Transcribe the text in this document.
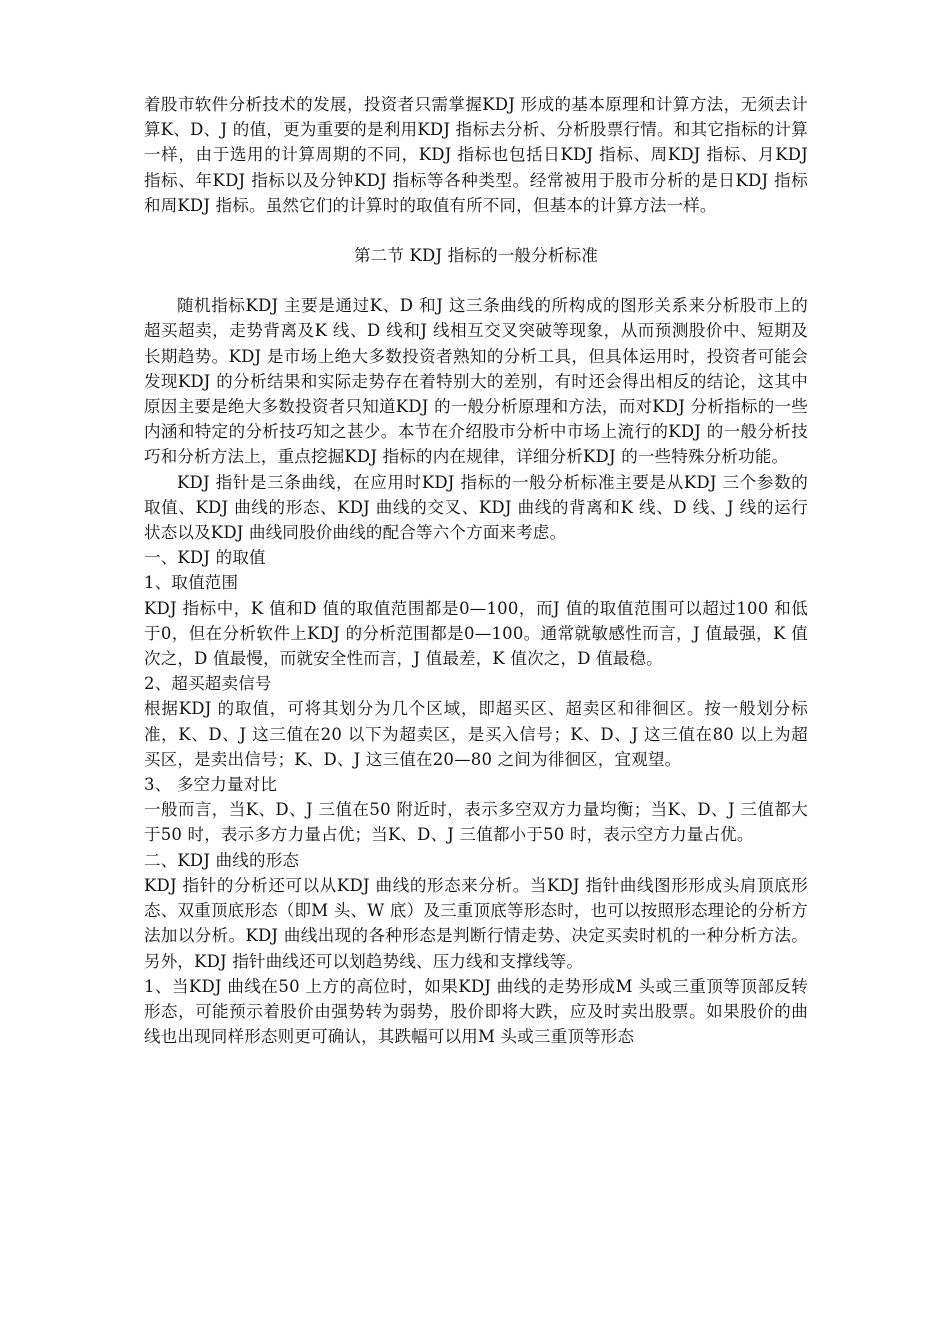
着股市软件分析技术的发展，投资者只需掌握KDJ 形成的基本原理和计算方法，无须去计算K、D、J 的值，更为重要的是利用KDJ 指标去分析、分析股票行情。和其它指标的计算一样，由于选用的计算周期的不同，KDJ 指标也包括日KDJ 指标、周KDJ 指标、月KDJ 指标、年KDJ 指标以及分钟KDJ 指标等各种类型。经常被用于股市分析的是日KDJ 指标和周KDJ 指标。虽然它们的计算时的取值有所不同，但基本的计算方法一样。

第二节 KDJ 指标的一般分析标准

随机指标KDJ 主要是通过K、D 和J 这三条曲线的所构成的图形关系来分析股市上的超买超卖，走势背离及K 线、D 线和J 线相互交叉突破等现象，从而预测股价中、短期及长期趋势。KDJ 是市场上绝大多数投资者熟知的分析工具，但具体运用时，投资者可能会发现KDJ 的分析结果和实际走势存在着特别大的差别，有时还会得出相反的结论，这其中原因主要是绝大多数投资者只知道KDJ 的一般分析原理和方法，而对KDJ 分析指标的一些内涵和特定的分析技巧知之甚少。本节在介绍股市分析中市场上流行的KDJ 的一般分析技巧和分析方法上，重点挖掘KDJ 指标的内在规律，详细分析KDJ 的一些特殊分析功能。

KDJ 指针是三条曲线，在应用时KDJ 指标的一般分析标准主要是从KDJ 三个参数的取值、KDJ 曲线的形态、KDJ 曲线的交叉、KDJ 曲线的背离和K 线、D 线、J 线的运行状态以及KDJ 曲线同股价曲线的配合等六个方面来考虑。

一、KDJ 的取值

1、取值范围

KDJ 指标中，K 值和D 值的取值范围都是0—100，而J 值的取值范围可以超过100 和低于0，但在分析软件上KDJ 的分析范围都是0—100。通常就敏感性而言，J 值最强，K 值次之，D 值最慢，而就安全性而言，J 值最差，K 值次之，D 值最稳。

2、超买超卖信号

根据KDJ 的取值，可将其划分为几个区域，即超买区、超卖区和徘徊区。按一般划分标准，K、D、J 这三值在20 以下为超卖区，是买入信号；K、D、J 这三值在80 以上为超买区，是卖出信号；K、D、J 这三值在20—80 之间为徘徊区，宜观望。

3、 多空力量对比

一般而言，当K、D、J 三值在50 附近时，表示多空双方力量均衡；当K、D、J 三值都大于50 时，表示多方力量占优；当K、D、J 三值都小于50 时，表示空方力量占优。

二、KDJ 曲线的形态

KDJ 指针的分析还可以从KDJ 曲线的形态来分析。当KDJ 指针曲线图形形成头肩顶底形态、双重顶底形态（即M 头、W 底）及三重顶底等形态时，也可以按照形态理论的分析方法加以分析。KDJ 曲线出现的各种形态是判断行情走势、决定买卖时机的一种分析方法。另外，KDJ 指针曲线还可以划趋势线、压力线和支撑线等。

1、当KDJ 曲线在50 上方的高位时，如果KDJ 曲线的走势形成M 头或三重顶等顶部反转形态，可能预示着股价由强势转为弱势，股价即将大跌，应及时卖出股票。如果股价的曲线也出现同样形态则更可确认，其跌幅可以用M 头或三重顶等形态
